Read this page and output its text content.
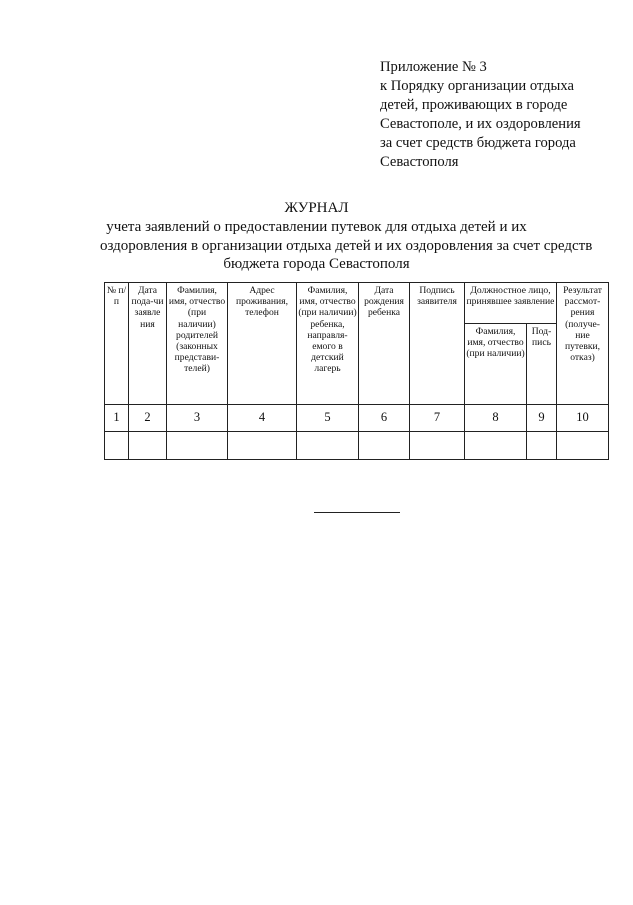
Приложение № 3
к Порядку организации отдыха
детей, проживающих в городе
Севастополе, и их оздоровления
за счет средств бюджета города
Севастополя
ЖУРНАЛ
учета заявлений о предоставлении путевок для отдыха детей и их
оздоровления в организации отдыха детей и их оздоровления за счет средств
бюджета города Севастополя
№ п/п	Дата пода-чи заявле ния	Фамилия, имя, отчество (при наличии) родителей (законных представи-телей)	Адрес проживания, телефон	Фамилия, имя, отчество (при наличии) ребенка, направля-емого в детский лагерь	Дата рождения ребенка	Подпись заявителя	Должностное лицо, принявшее заявление		Результат рассмот-рения (получе-ние путевки, отказ)
							Фамилия, имя, отчество (при наличии)	Под-пись	
1	2	3	4	5	6	7	8	9	10
